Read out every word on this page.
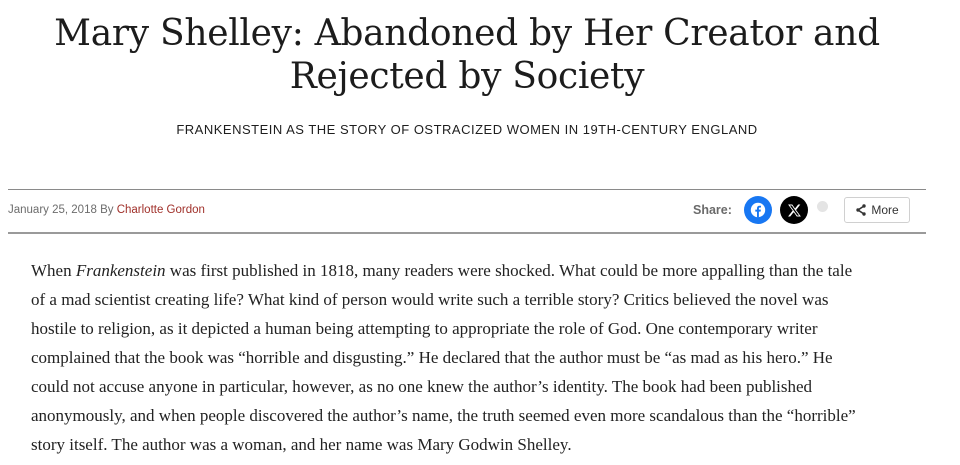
Mary Shelley: Abandoned by Her Creator and
Rejected by Society
FRANKENSTEIN AS THE STORY OF OSTRACIZED WOMEN IN 19TH-CENTURY ENGLAND
January 25, 2018 By Charlotte Gordon	Share:	More

When Frankenstein was first published in 1818, many readers were shocked. What could be more appalling than the tale
of a mad scientist creating life? What kind of person would write such a terrible story? Critics believed the novel was
hostile to religion, as it depicted a human being attempting to appropriate the role of God. One contemporary writer
complained that the book was “horrible and disgusting.” He declared that the author must be “as mad as his hero.” He
could not accuse anyone in particular, however, as no one knew the author’s identity. The book had been published
anonymously, and when people discovered the author’s name, the truth seemed even more scandalous than the “horrible”
story itself. The author was a woman, and her name was Mary Godwin Shelley.
